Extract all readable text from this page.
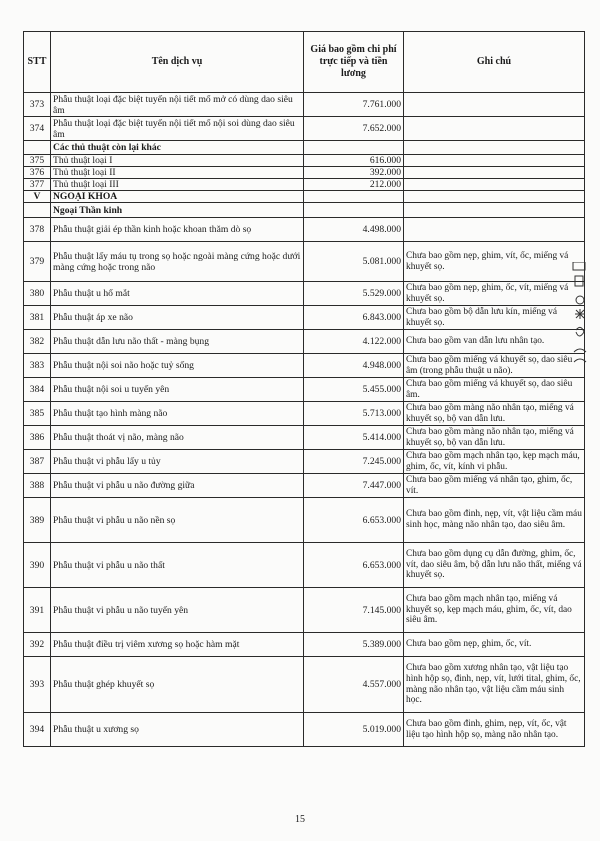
STT	Tên dịch vụ	Giá bao gồm chi phí trực tiếp và tiền lương	Ghi chú
373	Phẫu thuật loại đặc biệt tuyến nội tiết mổ mở có dùng dao siêu âm	7.761.000	
374	Phẫu thuật loại đặc biệt tuyến nội tiết mổ nội soi dùng dao siêu âm	7.652.000	
	Các thủ thuật còn lại khác		
375	Thủ thuật loại I	616.000	
376	Thủ thuật loại II	392.000	
377	Thủ thuật loại III	212.000	
V	NGOẠI KHOA		
	Ngoại Thần kinh		
378	Phẫu thuật giải ép thần kinh hoặc khoan thăm dò sọ	4.498.000	
379	Phẫu thuật lấy máu tụ trong sọ hoặc ngoài màng cứng hoặc dưới màng cứng hoặc trong não	5.081.000	Chưa bao gồm nẹp, ghim, vít, ốc, miếng vá khuyết sọ.
380	Phẫu thuật u hố mắt	5.529.000	Chưa bao gồm nẹp, ghim, ốc, vít, miếng vá khuyết sọ.
381	Phẫu thuật áp xe não	6.843.000	Chưa bao gồm bộ dẫn lưu kín, miếng vá khuyết sọ.
382	Phẫu thuật dẫn lưu não thất - màng bụng	4.122.000	Chưa bao gồm van dẫn lưu nhân tạo.
383	Phẫu thuật nội soi não hoặc tuỷ sống	4.948.000	Chưa bao gồm miếng vá khuyết sọ, dao siêu âm (trong phẫu thuật u não).
384	Phẫu thuật nội soi u tuyến yên	5.455.000	Chưa bao gồm miếng vá khuyết sọ, dao siêu âm.
385	Phẫu thuật tạo hình màng não	5.713.000	Chưa bao gồm màng não nhân tạo, miếng vá khuyết sọ, bộ van dẫn lưu.
386	Phẫu thuật thoát vị não, màng não	5.414.000	Chưa bao gồm màng não nhân tạo, miếng vá khuyết sọ, bộ van dẫn lưu.
387	Phẫu thuật vi phẫu lấy u tủy	7.245.000	Chưa bao gồm mạch nhân tạo, kẹp mạch máu, ghim, ốc, vít, kính vi phẫu.
388	Phẫu thuật vi phẫu u não đường giữa	7.447.000	Chưa bao gồm miếng vá nhân tạo, ghim, ốc, vít.
389	Phẫu thuật vi phẫu u não nền sọ	6.653.000	Chưa bao gồm đinh, nẹp, vít, vật liệu cầm máu sinh học, màng não nhân tạo, dao siêu âm.
390	Phẫu thuật vi phẫu u não thất	6.653.000	Chưa bao gồm dụng cụ dẫn đường, ghim, ốc, vít, dao siêu âm, bộ dẫn lưu não thất, miếng vá khuyết sọ.
391	Phẫu thuật vi phẫu u não tuyến yên	7.145.000	Chưa bao gồm mạch nhân tạo, miếng vá khuyết sọ, kẹp mạch máu, ghim, ốc, vít, dao siêu âm.
392	Phẫu thuật điều trị viêm xương sọ hoặc hàm mặt	5.389.000	Chưa bao gồm nẹp, ghim, ốc, vít.
393	Phẫu thuật ghép khuyết sọ	4.557.000	Chưa bao gồm xương nhân tạo, vật liệu tạo hình hộp sọ, đinh, nẹp, vít, lưới tital, ghim, ốc, màng não nhân tạo, vật liệu cầm máu sinh học.
394	Phẫu thuật u xương sọ	5.019.000	Chưa bao gồm đinh, ghim, nẹp, vít, ốc, vật liệu tạo hình hộp sọ, màng não nhân tạo.
15
